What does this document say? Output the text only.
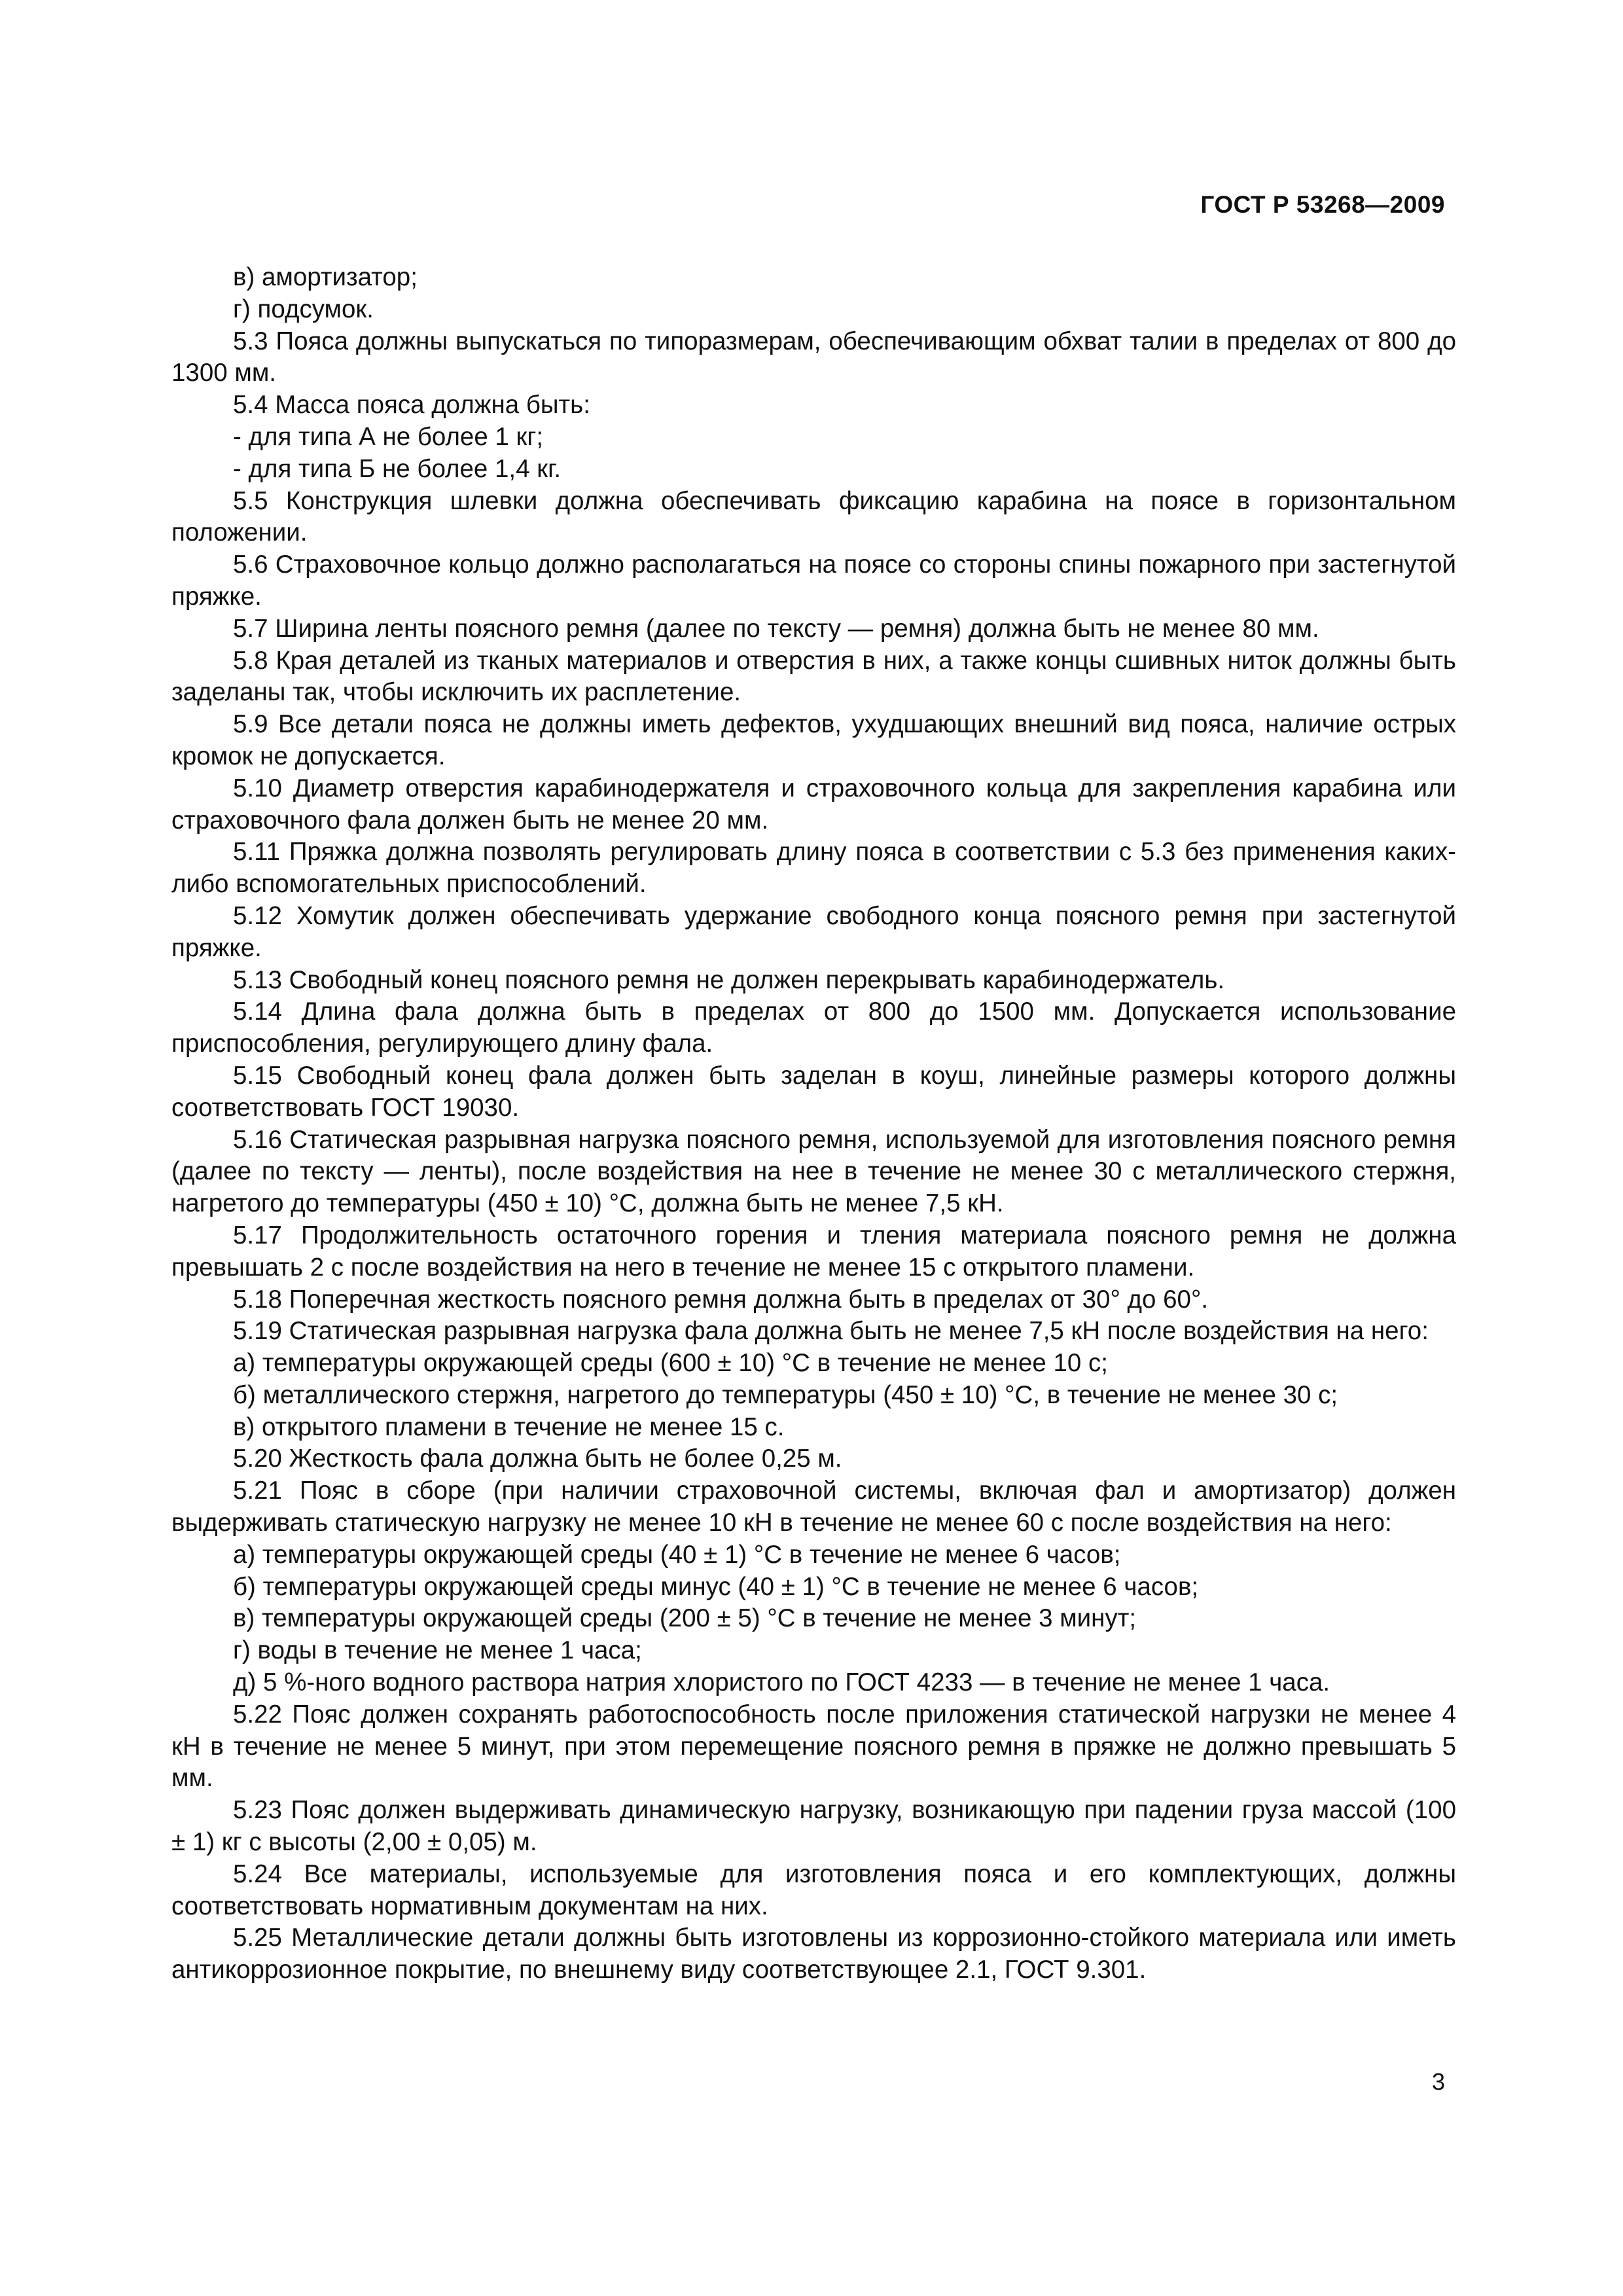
ГОСТ Р 53268—2009

в) амортизатор;

г) подсумок.

5.3 Пояса должны выпускаться по типоразмерам, обеспечивающим обхват талии в пределах от 800 до 1300 мм.

5.4 Масса пояса должна быть:

- для типа А не более 1 кг;

- для типа Б не более 1,4 кг.

5.5 Конструкция шлевки должна обеспечивать фиксацию карабина на поясе в горизонтальном положении.

5.6 Страховочное кольцо должно располагаться на поясе со стороны спины пожарного при застегнутой пряжке.

5.7 Ширина ленты поясного ремня (далее по тексту — ремня) должна быть не менее 80 мм.

5.8 Края деталей из тканых материалов и отверстия в них, а также концы сшивных ниток должны быть заделаны так, чтобы исключить их расплетение.

5.9 Все детали пояса не должны иметь дефектов, ухудшающих внешний вид пояса, наличие острых кромок не допускается.

5.10 Диаметр отверстия карабинодержателя и страховочного кольца для закрепления карабина или страховочного фала должен быть не менее 20 мм.

5.11 Пряжка должна позволять регулировать длину пояса в соответствии с 5.3 без применения каких-либо вспомогательных приспособлений.

5.12 Хомутик должен обеспечивать удержание свободного конца поясного ремня при застегнутой пряжке.

5.13 Свободный конец поясного ремня не должен перекрывать карабинодержатель.

5.14 Длина фала должна быть в пределах от 800 до 1500 мм. Допускается использование приспособления, регулирующего длину фала.

5.15 Свободный конец фала должен быть заделан в коуш, линейные размеры которого должны соответствовать ГОСТ 19030.

5.16 Статическая разрывная нагрузка поясного ремня, используемой для изготовления поясного ремня (далее по тексту — ленты), после воздействия на нее в течение не менее 30 с металлического стержня, нагретого до температуры (450 ± 10) °С, должна быть не менее 7,5 кН.

5.17 Продолжительность остаточного горения и тления материала поясного ремня не должна превышать 2 с после воздействия на него в течение не менее 15 с открытого пламени.

5.18 Поперечная жесткость поясного ремня должна быть в пределах от 30° до 60°.

5.19 Статическая разрывная нагрузка фала должна быть не менее 7,5 кН после воздействия на него:

а) температуры окружающей среды (600 ± 10) °С в течение не менее 10 с;

б) металлического стержня, нагретого до температуры (450 ± 10) °С, в течение не менее 30 с;

в) открытого пламени в течение не менее 15 с.

5.20 Жесткость фала должна быть не более 0,25 м.

5.21 Пояс в сборе (при наличии страховочной системы, включая фал и амортизатор) должен выдерживать статическую нагрузку не менее 10 кН в течение не менее 60 с после воздействия на него:

а) температуры окружающей среды (40 ± 1) °С в течение не менее 6 часов;

б) температуры окружающей среды минус (40 ± 1) °С в течение не менее 6 часов;

в) температуры окружающей среды (200 ± 5) °С в течение не менее 3 минут;

г) воды в течение не менее 1 часа;

д) 5 %-ного водного раствора натрия хлористого по ГОСТ 4233 — в течение не менее 1 часа.

5.22 Пояс должен сохранять работоспособность после приложения статической нагрузки не менее 4 кН в течение не менее 5 минут, при этом перемещение поясного ремня в пряжке не должно превышать 5 мм.

5.23 Пояс должен выдерживать динамическую нагрузку, возникающую при падении груза массой (100 ± 1) кг с высоты (2,00 ± 0,05) м.

5.24 Все материалы, используемые для изготовления пояса и его комплектующих, должны соответствовать нормативным документам на них.

5.25 Металлические детали должны быть изготовлены из коррозионно-стойкого материала или иметь антикоррозионное покрытие, по внешнему виду соответствующее 2.1, ГОСТ 9.301.

3
